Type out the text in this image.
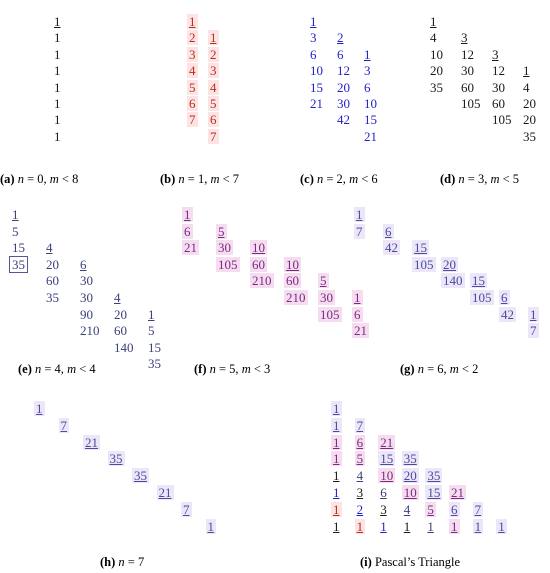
1
1
1
1
1
1
1
1
(a) n = 0, m < 8
1
2 1
3 2
4 3
5 4
6 5
7 6
7
(b) n = 1, m < 7
1
3 2
6 6 1
10 12 3
15 20 6
21 30 10
42 15
21
(c) n = 2, m < 6
1
4 3
10 12 3
20 30 12 1
35 60 30 4
105 60 20
105 20
35
(d) n = 3, m < 5
1
5
15 4
35 20 6
60 30
35 30 4
90 20 1
210 60 5
140 15
35
(e) n = 4, m < 4
1
6 5
21 30 10
105 60 10
210 60 5
210 30 1
105 6
21
(f) n = 5, m < 3
1
7 6
42 15
105 20
140 15
105 6
42 1
7
(g) n = 6, m < 2
1
7
21
35
35
21
7
1
(h) n = 7
1
1 7
1 6 21
1 5 15 35
1 4 10 20 35
1 3 6 10 15 21
1 2 3 4 5 6 7
1 1 1 1 1 1 1 1
(i) Pascal’s Triangle
